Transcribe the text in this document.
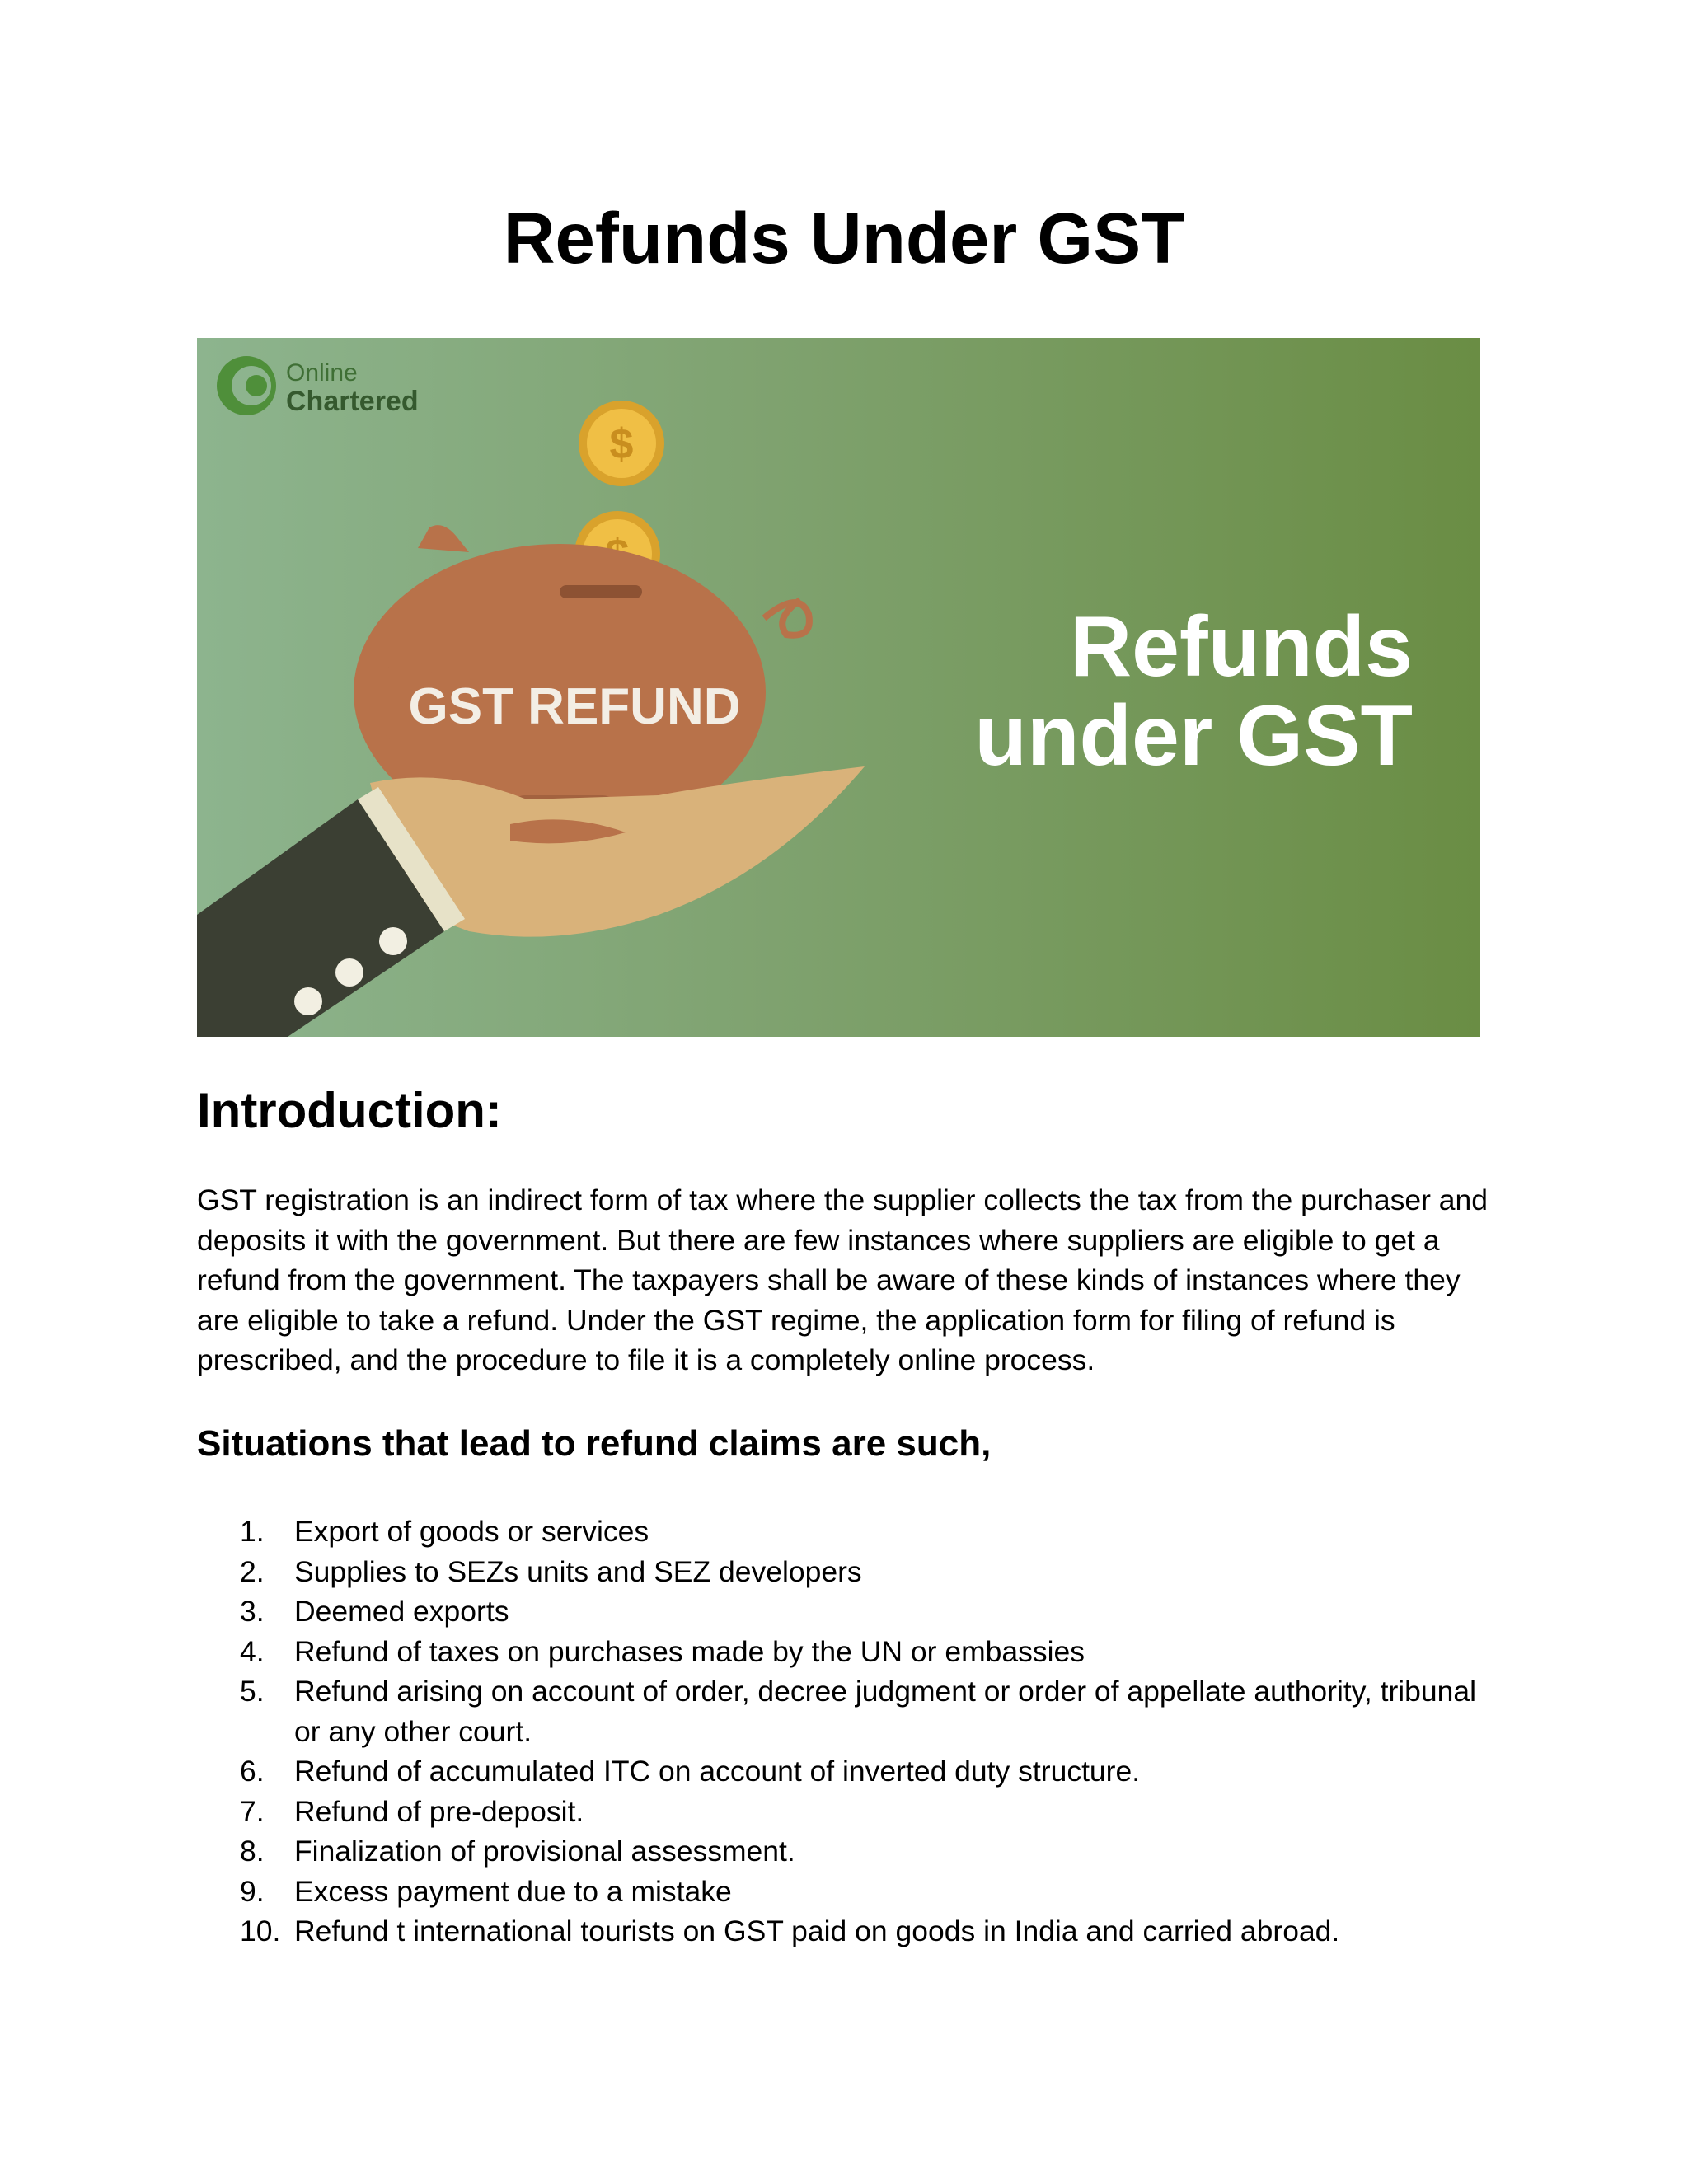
Refunds Under GST
Online
Chartered
$
GST REFUND
Refunds
under GST
Introduction:

GST registration is an indirect form of tax where the supplier collects the tax from the purchaser and deposits it with the government. But there are few instances where suppliers are eligible to get a refund from the government. The taxpayers shall be aware of these kinds of instances where they are eligible to take a refund. Under the GST regime, the application form for filing of refund is prescribed, and the procedure to file it is a completely online process.

Situations that lead to refund claims are such,
1.	Export of goods or services
2.	Supplies to SEZs units and SEZ developers
3.	Deemed exports
4.	Refund of taxes on purchases made by the UN or embassies
5.	Refund arising on account of order, decree judgment or order of appellate authority, tribunal or any other court.
6.	Refund of accumulated ITC on account of inverted duty structure.
7.	Refund of pre-deposit.
8.	Finalization of provisional assessment.
9.	Excess payment due to a mistake
10. Refund t international tourists on GST paid on goods in India and carried abroad.
